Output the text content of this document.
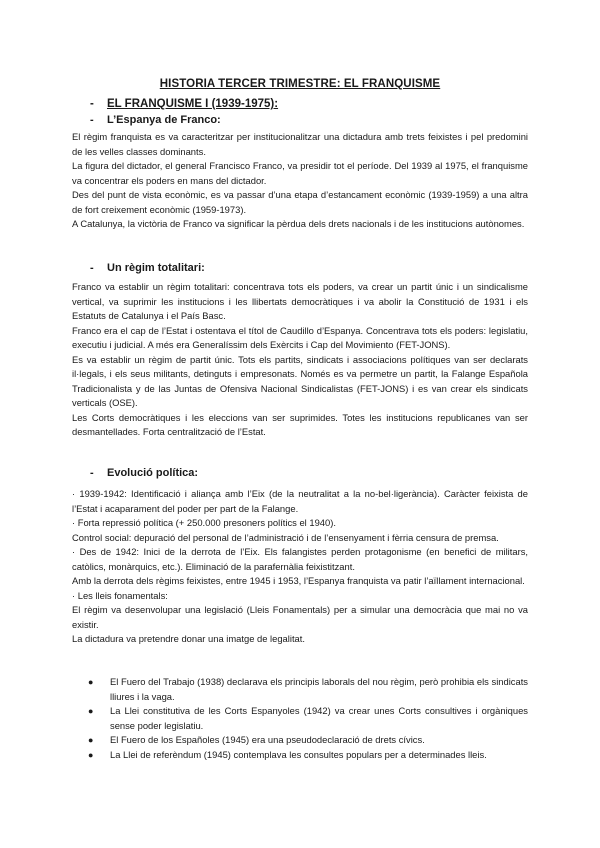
HISTORIA TERCER TRIMESTRE: EL FRANQUISME
- EL FRANQUISME I (1939-1975):
- L’Espanya de Franco:

El règim franquista es va caracteritzar per institucionalitzar una dictadura amb trets feixistes i pel predomini de les velles classes dominants.

La figura del dictador, el general Francisco Franco, va presidir tot el període. Del 1939 al 1975, el franquisme va concentrar els poders en mans del dictador.

Des del punt de vista econòmic, es va passar d’una etapa d’estancament econòmic (1939-1959) a una altra de fort creixement econòmic (1959-1973).

A Catalunya, la victòria de Franco va significar la pèrdua dels drets nacionals i de les institucions autònomes.

- Un règim totalitari:

Franco va establir un règim totalitari: concentrava tots els poders, va crear un partit únic i un sindicalisme vertical, va suprimir les institucions i les llibertats democràtiques i va abolir la Constitució de 1931 i els Estatuts de Catalunya i el País Basc.

Franco era el cap de l’Estat i ostentava el títol de Caudillo d’Espanya. Concentrava tots els poders: legislatiu, executiu i judicial. A més era Generalíssim dels Exèrcits i Cap del Movimiento (FET-JONS).

Es va establir un règim de partit únic. Tots els partits, sindicats i associacions polítiques van ser declarats il·legals, i els seus militants, detinguts i empresonats. Només es va permetre un partit, la Falange Española Tradicionalista y de las Juntas de Ofensiva Nacional Sindicalistas (FET-JONS) i es van crear els sindicats verticals (OSE).

Les Corts democràtiques i les eleccions van ser suprimides. Totes les institucions republicanes van ser desmantellades. Forta centralització de l’Estat.

- Evolució política:

· 1939-1942: Identificació i aliança amb l’Eix (de la neutralitat a la no-bel·ligerància). Caràcter feixista de l’Estat i acaparament del poder per part de la Falange.

· Forta repressió política (+ 250.000 presoners polítics el 1940).

Control social: depuració del personal de l’administració i de l’ensenyament i fèrria censura de premsa.

· Des de 1942: Inici de la derrota de l’Eix. Els falangistes perden protagonisme (en benefici de militars, catòlics, monàrquics, etc.). Eliminació de la parafernàlia feixistitzant.

Amb la derrota dels règims feixistes, entre 1945 i 1953, l’Espanya franquista va patir l’aïllament internacional.

· Les lleis fonamentals:

El règim va desenvolupar una legislació (Lleis Fonamentals) per a simular una democràcia que mai no va existir.

La dictadura va pretendre donar una imatge de legalitat.

● El Fuero del Trabajo (1938) declarava els principis laborals del nou règim, però prohibia els sindicats lliures i la vaga.
● La Llei constitutiva de les Corts Espanyoles (1942) va crear unes Corts consultives i orgàniques sense poder legislatiu.
● El Fuero de los Españoles (1945) era una pseudodeclaració de drets cívics.
● La Llei de referèndum (1945) contemplava les consultes populars per a determinades lleis.
